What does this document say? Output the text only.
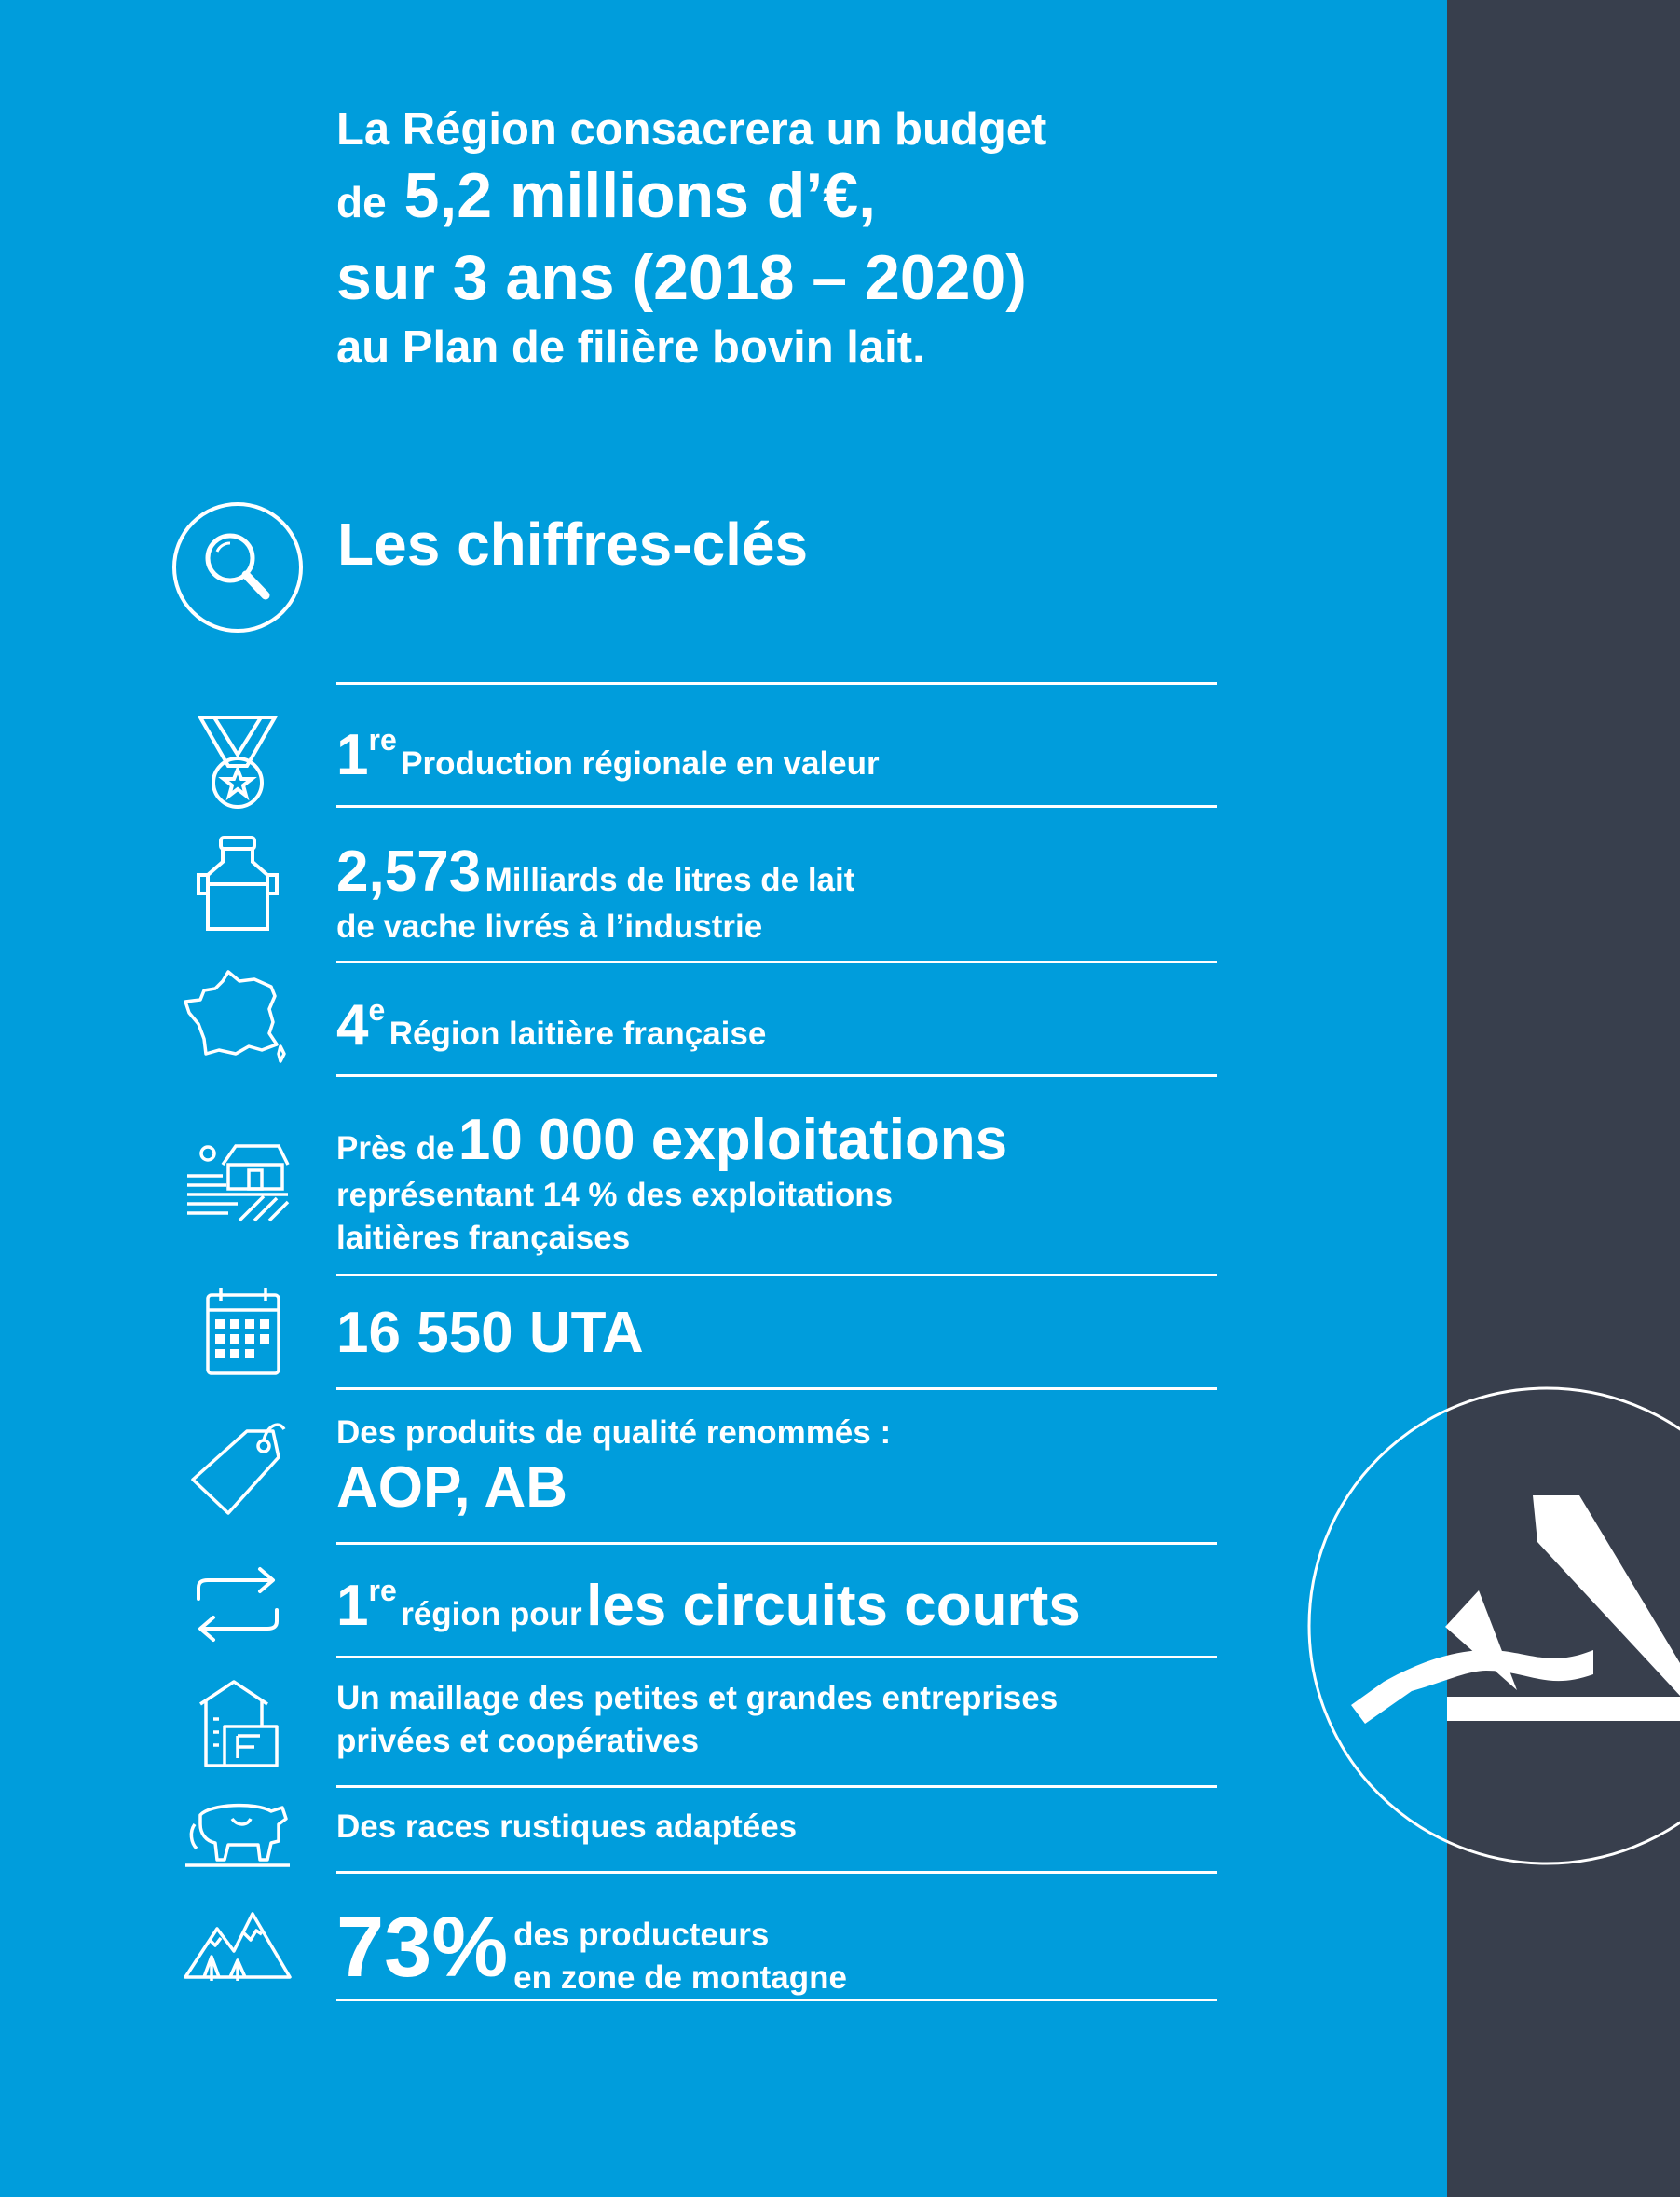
La Région consacrera un budget
de 5,2 millions d’€,
sur 3 ans (2018 – 2020)
au Plan de filière bovin lait.
Les chiffres-clés
1re Production régionale en valeur
2,573 Milliards de litres de lait
de vache livrés à l’industrie
4e Région laitière française
Près de 10 000 exploitations
représentant 14 % des exploitations
laitières françaises
16 550 UTA
Des produits de qualité renommés :
AOP, AB
1re région pour les circuits courts
Un maillage des petites et grandes entreprises
privées et coopératives
Des races rustiques adaptées
73% des producteurs
en zone de montagne
